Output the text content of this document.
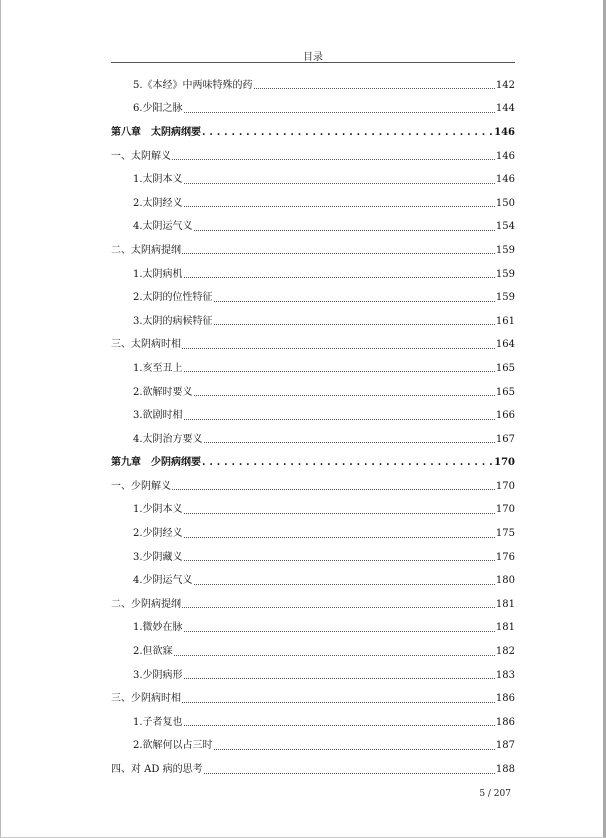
目录
5.《本经》中两味特殊的药	142
6.少阳之脉	144
第八章　太阴病纲要 . . .	146
一、太阴解义	146
1.太阴本义	146
2.太阴经义	150
4.太阴运气义	154
二、太阴病提纲	159
1.太阴病机	159
2.太阴的位性特征	159
3.太阴的病候特征	161
三、太阴病时相	164
1.亥至丑上	165
2.欲解时要义	165
3.欲剧时相	166
4.太阴治方要义	167
第九章　少阴病纲要 . . .	170
一、少阴解义	170
1.少阴本义	170
2.少阴经义	175
3.少阴藏义	176
4.少阴运气义	180
二、少阴病提纲	181
1.微妙在脉	181
2.但欲寐	182
3.少阴病形	183
三、少阴病时相	186
1.子者复也	186
2.欲解何以占三时	187
四、对 AD 病的思考	188
5 / 207
